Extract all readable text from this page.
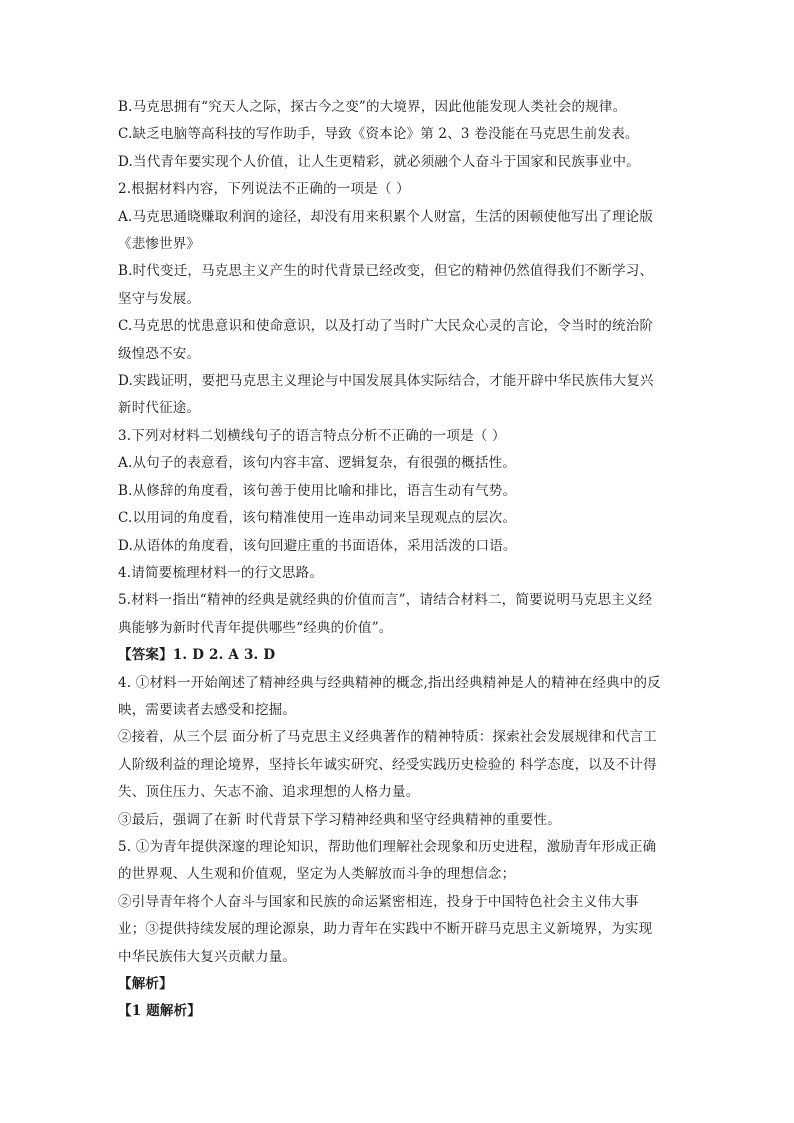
B.马克思拥有“究天人之际，探古今之变”的大境界，因此他能发现人类社会的规律。
C.缺乏电脑等高科技的写作助手，导致《资本论》第 2、3 卷没能在马克思生前发表。
D.当代青年要实现个人价值，让人生更精彩，就必须融个人奋斗于国家和民族事业中。
2.根据材料内容，下列说法不正确的一项是（ ）
A.马克思通晓赚取利润的途径，却没有用来积累个人财富，生活的困顿使他写出了理论版
《悲惨世界》
B.时代变迁，马克思主义产生的时代背景已经改变，但它的精神仍然值得我们不断学习、
坚守与发展。
C.马克思的忧患意识和使命意识，以及打动了当时广大民众心灵的言论，令当时的统治阶
级惶恐不安。
D.实践证明，要把马克思主义理论与中国发展具体实际结合，才能开辟中华民族伟大复兴
新时代征途。
3.下列对材料二划横线句子的语言特点分析不正确的一项是（ ）
A.从句子的表意看，该句内容丰富、逻辑复杂，有很强的概括性。
B.从修辞的角度看，该句善于使用比喻和排比，语言生动有气势。
C.以用词的角度看，该句精准使用一连串动词来呈现观点的层次。
D.从语体的角度看，该句回避庄重的书面语体，采用活泼的口语。
4.请简要梳理材料一的行文思路。
5.材料一指出“精神的经典是就经典的价值而言”，请结合材料二，简要说明马克思主义经
典能够为新时代青年提供哪些“经典的价值”。
【答案】1. D 2. A 3. D
4. ①材料一开始阐述了精神经典与经典精神的概念,指出经典精神是人的精神在经典中的反
映，需要读者去感受和挖掘。
②接着，从三个层 面分析了马克思主义经典著作的精神特质：探索社会发展规律和代言工
人阶级利益的理论境界，坚持长年诚实研究、经受实践历史检验的 科学态度，以及不计得
失、顶住压力、矢志不渝、追求理想的人格力量。
③最后，强调了在新 时代背景下学习精神经典和坚守经典精神的重要性。
5. ①为青年提供深邃的理论知识，帮助他们理解社会现象和历史进程，激励青年形成正确
的世界观、人生观和价值观，坚定为人类解放而斗争的理想信念；
②引导青年将个人奋斗与国家和民族的命运紧密相连，投身于中国特色社会主义伟大事
业；③提供持续发展的理论源泉，助力青年在实践中不断开辟马克思主义新境界，为实现
中华民族伟大复兴贡献力量。
【解析】
【1 题解析】
